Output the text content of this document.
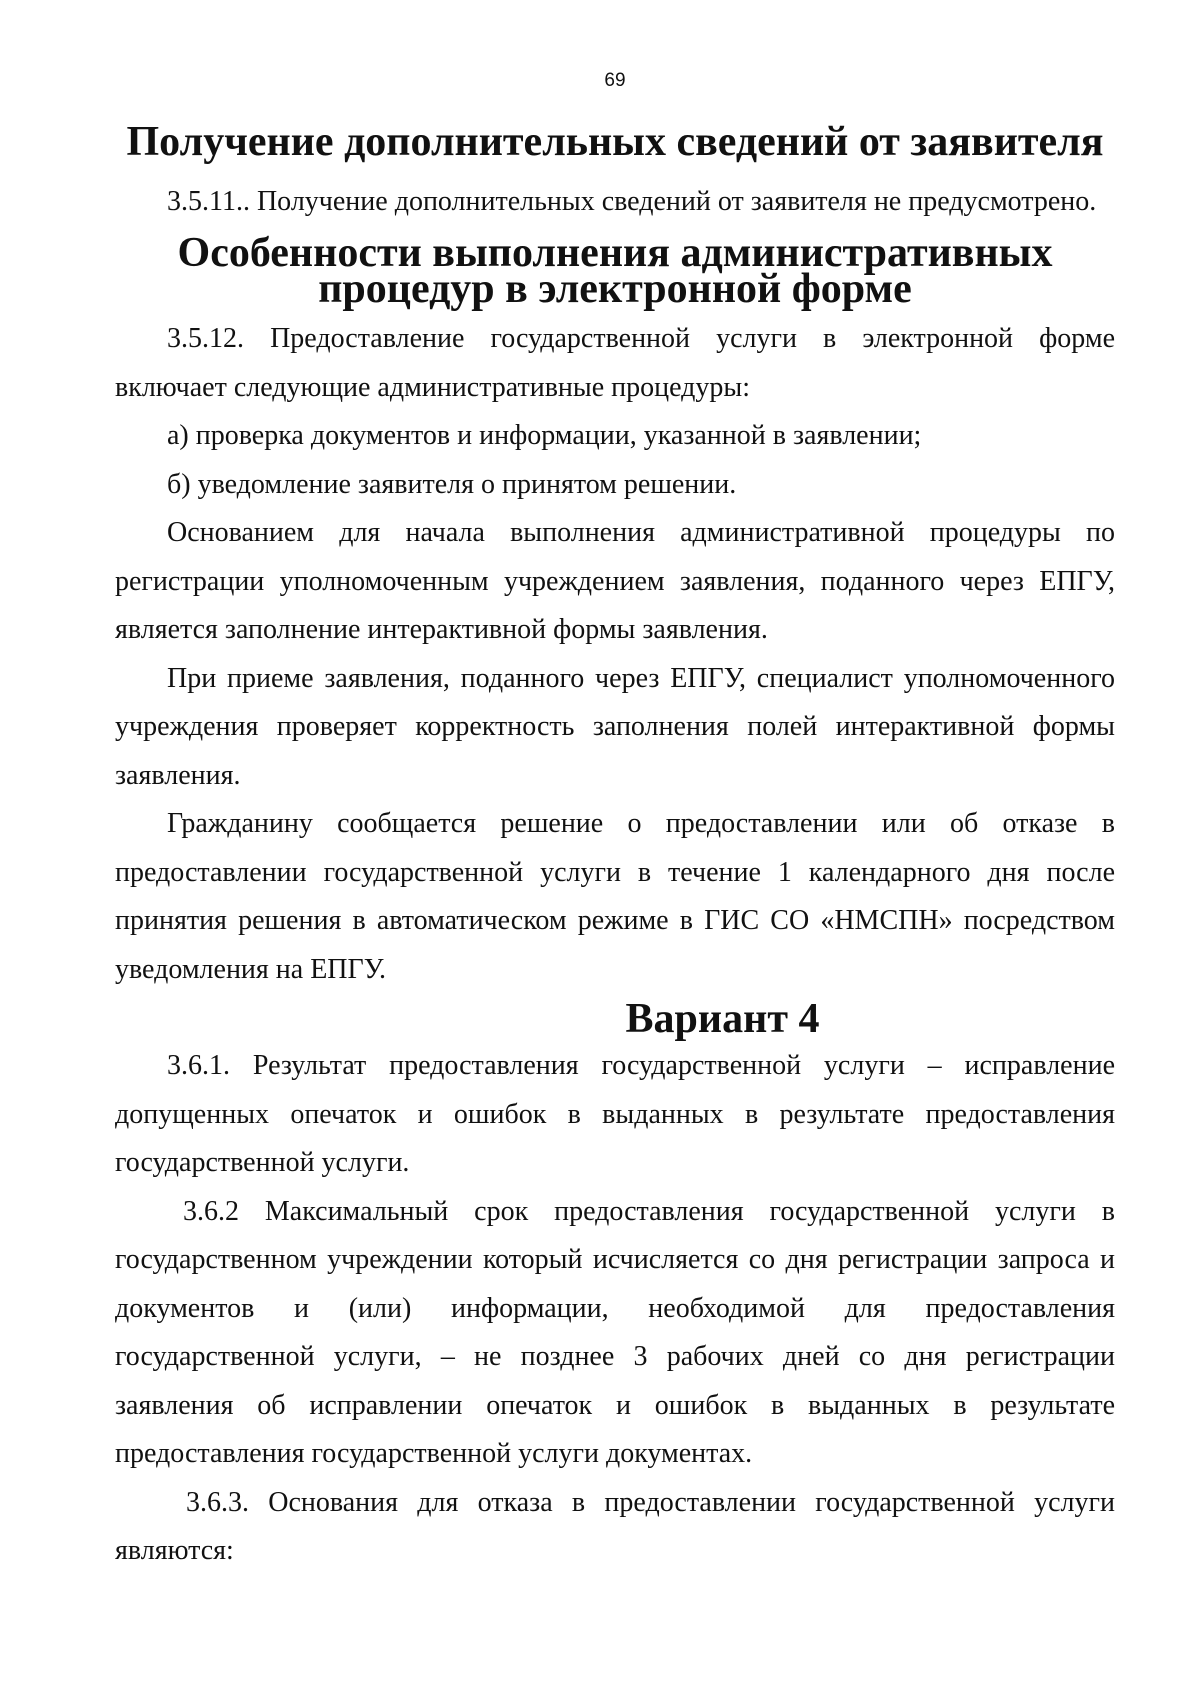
69
Получение дополнительных сведений от заявителя

3.5.11.. Получение дополнительных сведений от заявителя не предусмотрено.

Особенности выполнения административных
процедур в электронной форме

3.5.12. Предоставление государственной услуги в электронной форме включает следующие административные процедуры:

а) проверка документов и информации, указанной в заявлении;

б) уведомление заявителя о принятом решении.

Основанием для начала выполнения административной процедуры по регистрации уполномоченным учреждением заявления, поданного через ЕПГУ, является заполнение интерактивной формы заявления.

При приеме заявления, поданного через ЕПГУ, специалист уполномоченного учреждения проверяет корректность заполнения полей интерактивной формы заявления.

Гражданину сообщается решение о предоставлении или об отказе в предоставлении государственной услуги в течение 1 календарного дня после принятия решения в автоматическом режиме в ГИС СО «НМСПН» посредством уведомления на ЕПГУ.

Вариант 4

3.6.1. Результат предоставления государственной услуги – исправление допущенных опечаток и ошибок в выданных в результате предоставления государственной услуги.

3.6.2 Максимальный срок предоставления государственной услуги в государственном учреждении который исчисляется со дня регистрации запроса и документов и (или) информации, необходимой для предоставления государственной услуги, – не позднее 3 рабочих дней со дня регистрации заявления об исправлении опечаток и ошибок в выданных в результате предоставления государственной услуги документах.

3.6.3. Основания для отказа в предоставлении государственной услуги являются:
